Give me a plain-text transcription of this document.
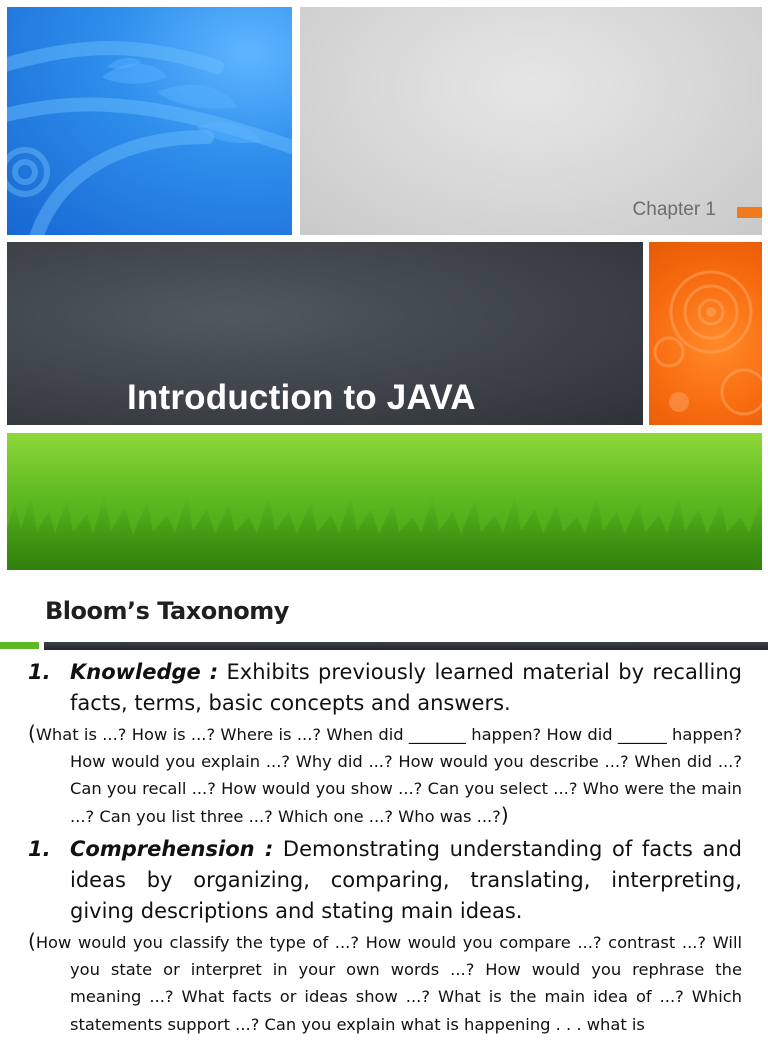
Chapter 1
Introduction to JAVA
Bloom’s Taxonomy
1. Knowledge : Exhibits previously learned material by recalling facts, terms, basic concepts and answers.
(What is ...? How is ...? Where is ...? When did _______ happen? How did ______ happen? How would you explain ...? Why did ...? How would you describe ...? When did ...? Can you recall ...? How would you show ...? Can you select ...? Who were the main ...? Can you list three ...? Which one ...? Who was ...?)
1. Comprehension : Demonstrating understanding of facts and ideas by organizing, comparing, translating, interpreting, giving descriptions and stating main ideas.
(How would you classify the type of ...? How would you compare ...? contrast ...? Will you state or interpret in your own words ...? How would you rephrase the meaning ...? What facts or ideas show ...? What is the main idea of ...? Which statements support ...? Can you explain what is happening . . . what is
